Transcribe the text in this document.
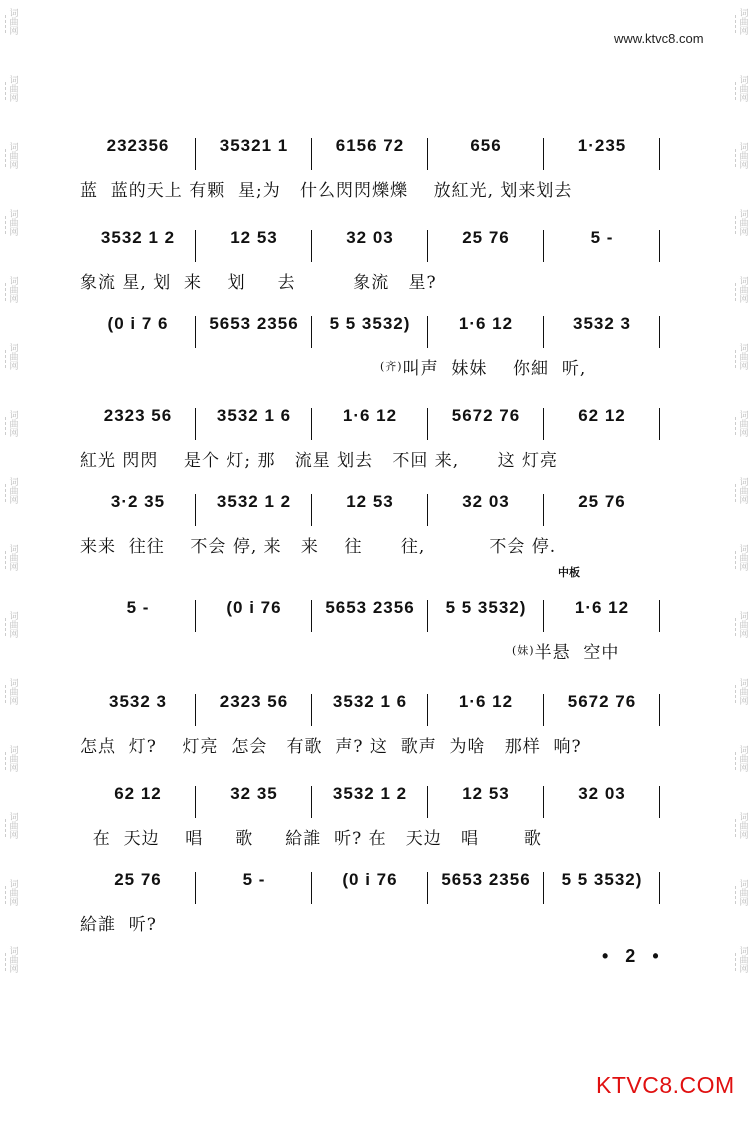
词曲网
词曲网
词曲网
词曲网
词曲网
词曲网
词曲网
词曲网
词曲网
词曲网
词曲网
词曲网
词曲网
词曲网
词曲网
词曲网
词曲网
词曲网
词曲网
词曲网
词曲网
词曲网
词曲网
词曲网
词曲网
词曲网
词曲网
词曲网
词曲网
词曲网
www.ktvc8.com
232356	35321 1	6156 72	656	1·235
蓝  蓝的天上 有颗  星;为   什么閃閃爍爍    放紅光, 划来划去
3532 1 2	12 53	32 03	25 76	5 -
象流 星, 划  来    划     去         象流   星?
(0 i 7 6	5653 2356	5 5 3532)	1·6 12	3532 3
(齐) 叫声  妹妹    你細  听,
2323 56	3532 1 6	1·6 12	5672 76	62 12
紅光 閃閃    是个 灯; 那   流星 划去   不回 来,      这 灯亮
3·2 35	3532 1 2	12 53	32 03	25 76
来来  往往    不会 停, 来   来    往      往,          不会 停.
中板
5 -	(0 i 76	5653 2356	5 5 3532)	1·6 12
(妹) 半悬  空中
3532 3	2323 56	3532 1 6	1·6 12	5672 76
怎点  灯?    灯亮  怎会   有歌  声? 这  歌声  为啥   那样  响?
62 12	32 35	3532 1 2	12 53	32 03
在  天边    唱     歌     給誰  听? 在   天边   唱       歌
25 76	5 -	(0 i 76	5653 2356	5 5 3532)
給誰  听?
• 2 •
KTVC8.COM
